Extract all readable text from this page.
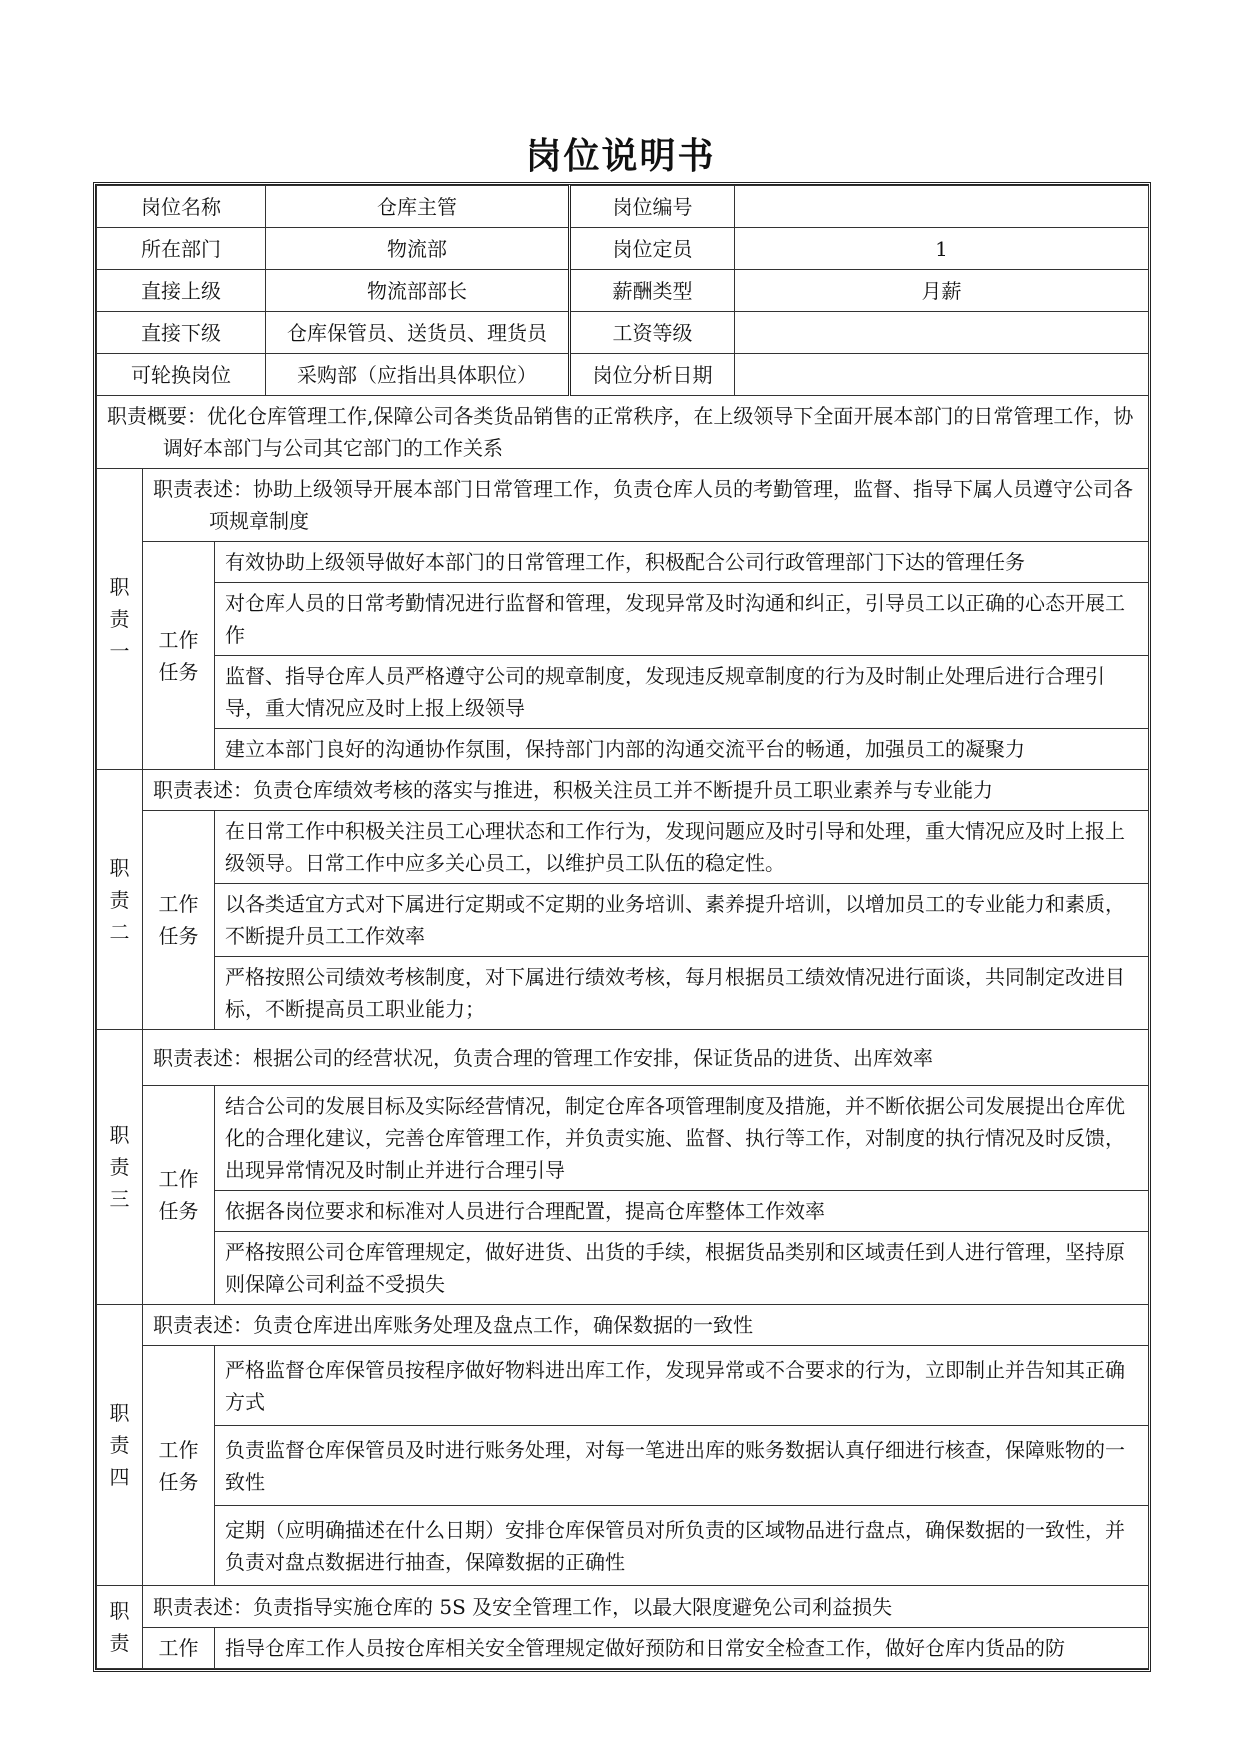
岗位说明书
岗位名称			仓库主管	岗位编号	
所在部门			物流部	岗位定员	1
直接上级			物流部部长	薪酬类型	月薪
直接下级			仓库保管员、送货员、理货员	工资等级	
可轮换岗位			采购部（应指出具体职位）	岗位分析日期	
职责概要：优化仓库管理工作,保障公司各类货品销售的正常秩序，在上级领导下全面开展本部门的日常管理工作，协调好本部门与公司其它部门的工作关系					

职
责
一	职责表述：协助上级领导开展本部门日常管理工作，负责仓库人员的考勤管理，监督、指导下属人员遵守公司各项规章制度				

	工作
任务	有效协助上级领导做好本部门的日常管理工作，积极配合公司行政管理部门下达的管理任务			
		对仓库人员的日常考勤情况进行监督和管理，发现异常及时沟通和纠正，引导员工以正确的心态开展工作			
		监督、指导仓库人员严格遵守公司的规章制度，发现违反规章制度的行为及时制止处理后进行合理引导，重大情况应及时上报上级领导			
		建立本部门良好的沟通协作氛围，保持部门内部的沟通交流平台的畅通，加强员工的凝聚力			

职
责
二	职责表述：负责仓库绩效考核的落实与推进，积极关注员工并不断提升员工职业素养与专业能力				

	工作
任务	在日常工作中积极关注员工心理状态和工作行为，发现问题应及时引导和处理，重大情况应及时上报上级领导。日常工作中应多关心员工，以维护员工队伍的稳定性。			
		以各类适宜方式对下属进行定期或不定期的业务培训、素养提升培训，以增加员工的专业能力和素质，不断提升员工工作效率			
		严格按照公司绩效考核制度，对下属进行绩效考核，每月根据员工绩效情况进行面谈，共同制定改进目标，不断提高员工职业能力；			

职
责
三	职责表述：根据公司的经营状况，负责合理的管理工作安排，保证货品的进货、出库效率				

	工作
任务	结合公司的发展目标及实际经营情况，制定仓库各项管理制度及措施，并不断依据公司发展提出仓库优化的合理化建议，完善仓库管理工作，并负责实施、监督、执行等工作，对制度的执行情况及时反馈，出现异常情况及时制止并进行合理引导			
		依据各岗位要求和标准对人员进行合理配置，提高仓库整体工作效率			
		严格按照公司仓库管理规定，做好进货、出货的手续，根据货品类别和区域责任到人进行管理，坚持原则保障公司利益不受损失			

职
责
四	职责表述：负责仓库进出库账务处理及盘点工作，确保数据的一致性				

	工作
任务	严格监督仓库保管员按程序做好物料进出库工作，发现异常或不合要求的行为，立即制止并告知其正确方式			
		负责监督仓库保管员及时进行账务处理，对每一笔进出库的账务数据认真仔细进行核查，保障账物的一致性			
		定期（应明确描述在什么日期）安排仓库保管员对所负责的区域物品进行盘点，确保数据的一致性，并负责对盘点数据进行抽查，保障数据的正确性			

职
责	职责表述：负责指导实施仓库的 5S 及安全管理工作，以最大限度避免公司利益损失				

	工作	指导仓库工作人员按仓库相关安全管理规定做好预防和日常安全检查工作，做好仓库内货品的防			
